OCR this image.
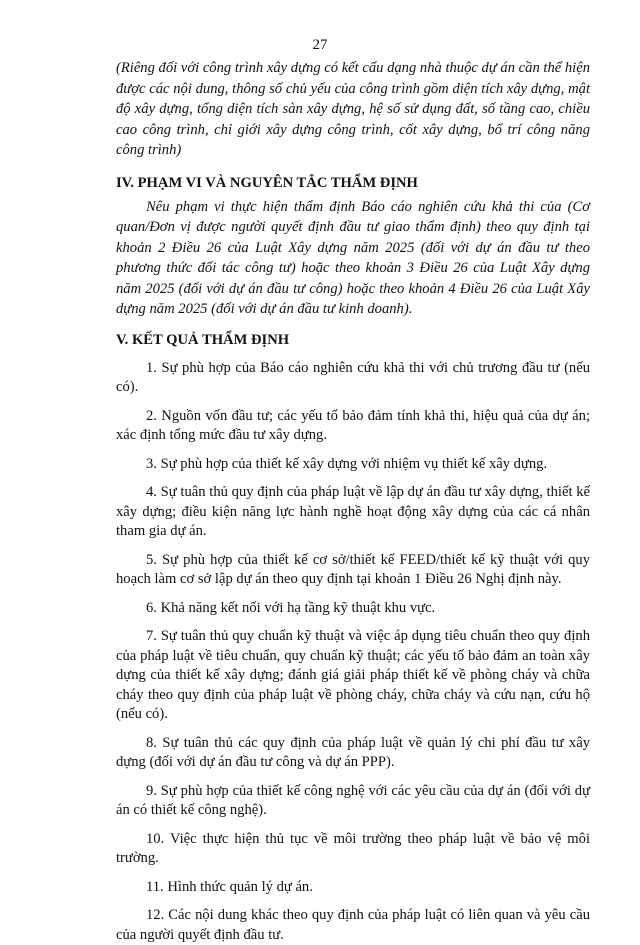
27

(Riêng đối với công trình xây dựng có kết cấu dạng nhà thuộc dự án cần thể hiện được các nội dung, thông số chủ yếu của công trình gồm diện tích xây dựng, mật độ xây dựng, tổng diện tích sàn xây dựng, hệ số sử dụng đất, số tầng cao, chiều cao công trình, chỉ giới xây dựng công trình, cốt xây dựng, bố trí công năng công trình)

IV. PHẠM VI VÀ NGUYÊN TẮC THẨM ĐỊNH

Nêu phạm vi thực hiện thẩm định Báo cáo nghiên cứu khả thi của (Cơ quan/Đơn vị được người quyết định đầu tư giao thẩm định) theo quy định tại khoản 2 Điều 26 của Luật Xây dựng năm 2025 (đối với dự án đầu tư theo phương thức đối tác công tư) hoặc theo khoản 3 Điều 26 của Luật Xây dựng năm 2025 (đối với dự án đầu tư công) hoặc theo khoản 4 Điều 26 của Luật Xây dựng năm 2025 (đối với dự án đầu tư kinh doanh).

V. KẾT QUẢ THẨM ĐỊNH

1. Sự phù hợp của Báo cáo nghiên cứu khả thi với chủ trương đầu tư (nếu có).

2. Nguồn vốn đầu tư; các yếu tố bảo đảm tính khả thi, hiệu quả của dự án; xác định tổng mức đầu tư xây dựng.

3. Sự phù hợp của thiết kế xây dựng với nhiệm vụ thiết kế xây dựng.

4. Sự tuân thủ quy định của pháp luật về lập dự án đầu tư xây dựng, thiết kế xây dựng; điều kiện năng lực hành nghề hoạt động xây dựng của các cá nhân tham gia dự án.

5. Sự phù hợp của thiết kế cơ sở/thiết kế FEED/thiết kế kỹ thuật với quy hoạch làm cơ sở lập dự án theo quy định tại khoản 1 Điều 26 Nghị định này.

6. Khả năng kết nối với hạ tầng kỹ thuật khu vực.

7. Sự tuân thủ quy chuẩn kỹ thuật và việc áp dụng tiêu chuẩn theo quy định của pháp luật về tiêu chuẩn, quy chuẩn kỹ thuật; các yếu tố bảo đảm an toàn xây dựng của thiết kế xây dựng; đánh giá giải pháp thiết kế về phòng cháy và chữa cháy theo quy định của pháp luật về phòng cháy, chữa cháy và cứu nạn, cứu hộ (nếu có).

8. Sự tuân thủ các quy định của pháp luật về quản lý chi phí đầu tư xây dựng (đối với dự án đầu tư công và dự án PPP).

9. Sự phù hợp của thiết kế công nghệ với các yêu cầu của dự án (đối với dự án có thiết kế công nghệ).

10. Việc thực hiện thủ tục về môi trường theo pháp luật về bảo vệ môi trường.

11. Hình thức quản lý dự án.

12. Các nội dung khác theo quy định của pháp luật có liên quan và yêu cầu của người quyết định đầu tư.
